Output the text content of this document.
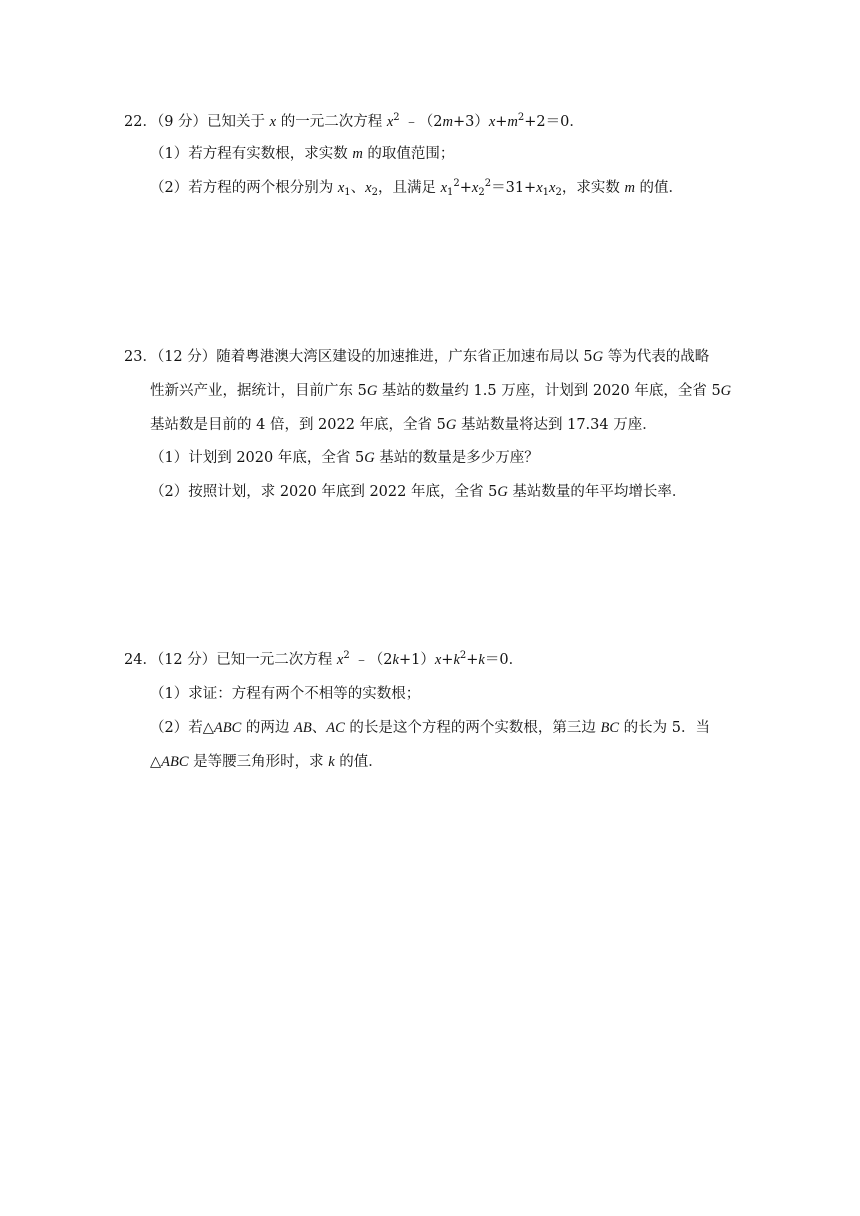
22．（9 分）已知关于 x 的一元二次方程 $x^2$ $﹣(2m+3)x+m^2+2=0$．
（1）若方程有实数根，求实数 m 的取值范围；
（2）若方程的两个根分别为 $x_1$、$x_2$，且满足 $x_1^2+x_2^2=31+x_1x_2$，求实数 m 的值．
23．（12 分）随着粤港澳大湾区建设的加速推进，广东省正加速布局以 5G 等为代表的战略
性新兴产业，据统计，目前广东 5G 基站的数量约 1.5 万座，计划到 2020 年底，全省 5G
基站数是目前的 4 倍，到 2022 年底，全省 5G 基站数量将达到 17.34 万座．
（1）计划到 2020 年底，全省 5G 基站的数量是多少万座？
（2）按照计划，求 2020 年底到 2022 年底，全省 5G 基站数量的年平均增长率．
24．（12 分）已知一元二次方程 $x^2$ $﹣(2k+1)x+k^2+k=0$．
（1）求证：方程有两个不相等的实数根；
（2）若△ABC 的两边 AB、AC 的长是这个方程的两个实数根，第三边 BC 的长为 5．当
△ABC 是等腰三角形时，求 k 的值．
